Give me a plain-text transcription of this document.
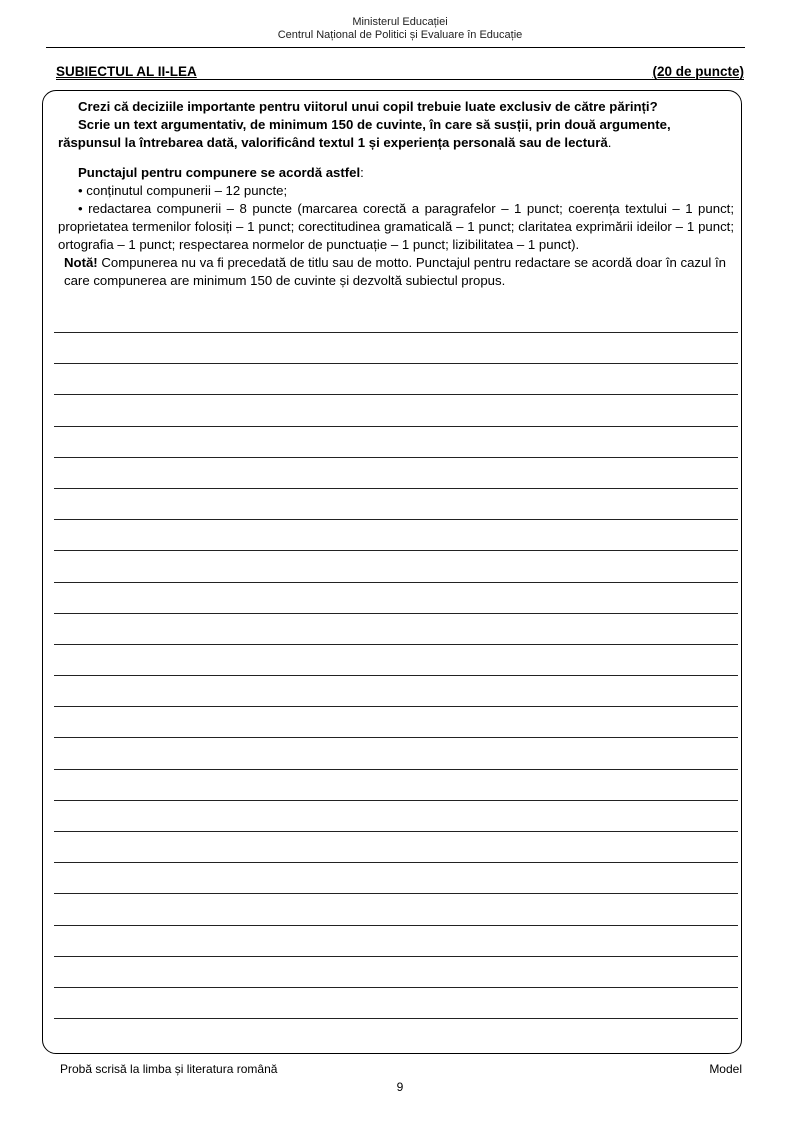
Ministerul Educației
Centrul Național de Politici și Evaluare în Educație
SUBIECTUL AL II-LEA	(20 de puncte)

Crezi că deciziile importante pentru viitorul unui copil trebuie luate exclusiv de către părinți?

Scrie un text argumentativ, de minimum 150 de cuvinte, în care să susții, prin două argumente, răspunsul la întrebarea dată, valorificând textul 1 și experiența personală sau de lectură.

Punctajul pentru compunere se acordă astfel:

• conținutul compunerii – 12 puncte;

• redactarea compunerii – 8 puncte (marcarea corectă a paragrafelor – 1 punct; coerența textului – 1 punct; proprietatea termenilor folosiți – 1 punct; corectitudinea gramaticală – 1 punct; claritatea exprimării ideilor – 1 punct; ortografia – 1 punct; respectarea normelor de punctuație – 1 punct; lizibilitatea – 1 punct).

Notă! Compunerea nu va fi precedată de titlu sau de motto. Punctajul pentru redactare se acordă doar în cazul în care compunerea are minimum 150 de cuvinte și dezvoltă subiectul propus.

Probă scrisă la limba și literatura română	Model
9
